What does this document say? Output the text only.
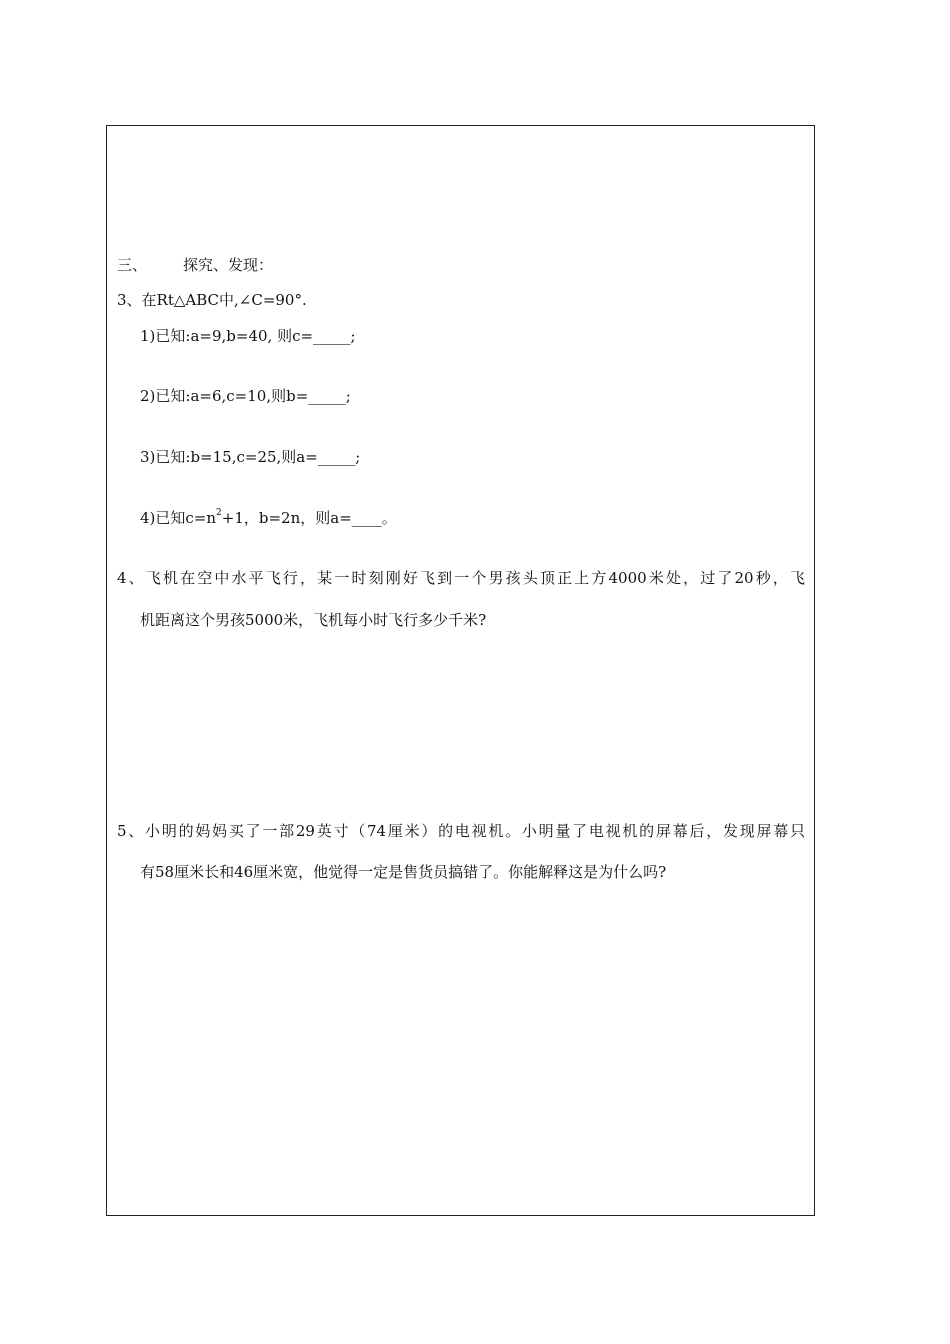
三、 探究、发现：
3、在Rt△ABC中,∠C=90°.
1)已知:a=9,b=40, 则c=_____;
2)已知:a=6,c=10,则b=_____;
3)已知:b=15,c=25,则a=_____;
4)已知$c=n^2+1$，b=2n，则a=____。
4、飞机在空中水平飞行，某一时刻刚好飞到一个男孩头顶正上方4000米处，过了20秒，飞
机距离这个男孩5000米，飞机每小时飞行多少千米?
5、小明的妈妈买了一部29英寸（74厘米）的电视机。小明量了电视机的屏幕后，发现屏幕只
有58厘米长和46厘米宽，他觉得一定是售货员搞错了。你能解释这是为什么吗?
